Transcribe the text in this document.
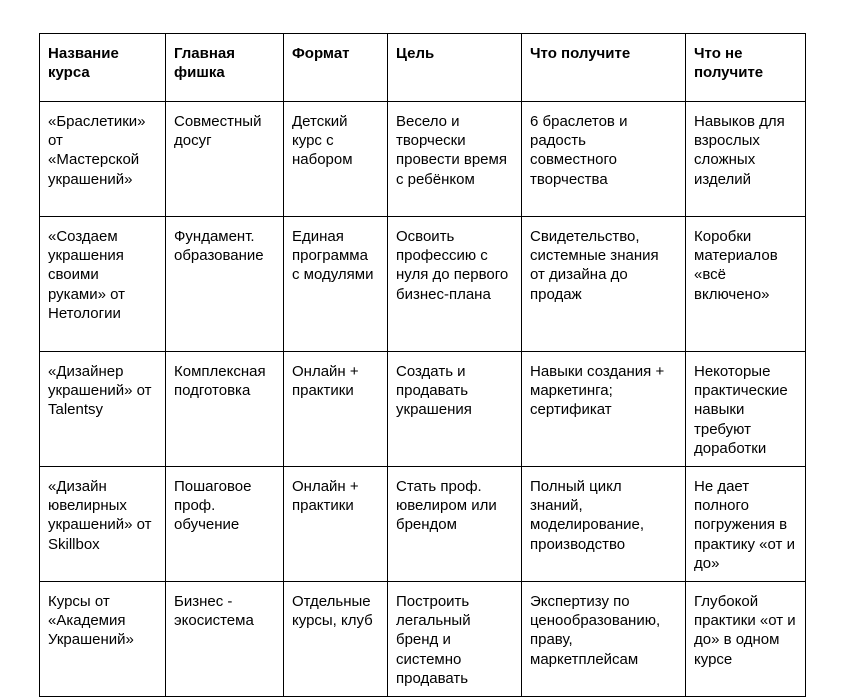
Название курса	Главная фишка	Формат	Цель	Что получите	Что не получите
«Браслетики» от «Мастерской украшений»	Совместный досуг	Детский курс с набором	Весело и творчески провести время с ребёнком	6 браслетов и радость совместного творчества	Навыков для взрослых сложных изделий
«Создаем украшения своими руками» от Нетологии	Фундамент. образование	Единая программа с модулями	Освоить профессию с нуля до первого бизнес-плана	Свидетельство, системные знания от дизайна до продаж	Коробки материалов «всё включено»
«Дизайнер украшений» от Talentsy	Комплексная подготовка	Онлайн + практики	Создать и продавать украшения	Навыки создания + маркетинга; сертификат	Некоторые практические навыки требуют доработки
«Дизайн ювелирных украшений» от Skillbox	Пошаговое проф. обучение	Онлайн + практики	Стать проф. ювелиром или брендом	Полный цикл знаний, моделирование, производство	Не дает полного погружения в практику «от и до»
Курсы от «Академия Украшений»	Бизнес - экосистема	Отдельные курсы, клуб	Построить легальный бренд и системно продавать	Экспертизу по ценообразованию, праву, маркетплейсам	Глубокой практики «от и до» в одном курсе
